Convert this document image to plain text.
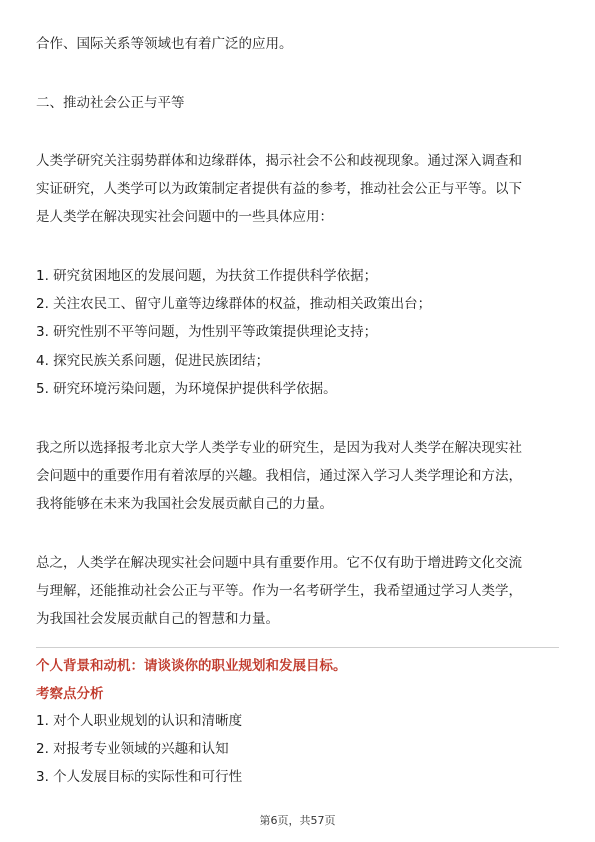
合作、国际关系等领域也有着广泛的应用。

二、推动社会公正与平等

人类学研究关注弱势群体和边缘群体，揭示社会不公和歧视现象。通过深入调查和

实证研究，人类学可以为政策制定者提供有益的参考，推动社会公正与平等。以下

是人类学在解决现实社会问题中的一些具体应用：

1. 研究贫困地区的发展问题，为扶贫工作提供科学依据；

2. 关注农民工、留守儿童等边缘群体的权益，推动相关政策出台；

3. 研究性别不平等问题，为性别平等政策提供理论支持；

4. 探究民族关系问题，促进民族团结；

5. 研究环境污染问题，为环境保护提供科学依据。

我之所以选择报考北京大学人类学专业的研究生，是因为我对人类学在解决现实社

会问题中的重要作用有着浓厚的兴趣。我相信，通过深入学习人类学理论和方法，

我将能够在未来为我国社会发展贡献自己的力量。

总之，人类学在解决现实社会问题中具有重要作用。它不仅有助于增进跨文化交流

与理解，还能推动社会公正与平等。作为一名考研学生，我希望通过学习人类学，

为我国社会发展贡献自己的智慧和力量。

个人背景和动机：请谈谈你的职业规划和发展目标。

考察点分析

1. 对个人职业规划的认识和清晰度

2. 对报考专业领域的兴趣和认知

3. 个人发展目标的实际性和可行性

第6页，共57页
